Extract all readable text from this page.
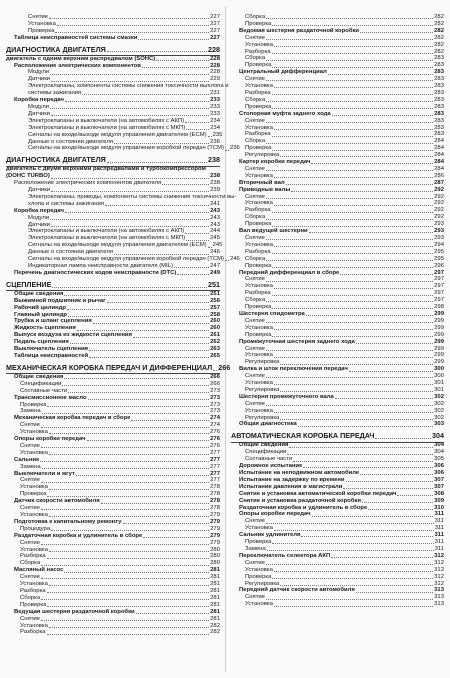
Снятие	227
Установка	227
Проверка	227
Таблица неисправностей системы смазки	227
ДИАГНОСТИКА ДВИГАТЕЛЯ	228
двигатель с одним верхним распредвалом (SOHC)	228
Расположение электрических компонентов	228
Модули	228
Датчики	229
Электроклапаны, компоненты системы снижения токсичности выхлопа и
системы зажигания	231
Коробка передач	233
Модули	233
Датчики	233
Электроклапаны и выключатели (на автомобилях с АКП)	234
Электроклапаны и выключатели (на автомобилях с МКП)	234
Сигналы на входе/выходе модуля управления двигателем (ECM) 235
Данные о состоянии двигателя	236
Сигналы на входе/выходе модуля управления коробкой передач (TCM) 236
ДИАГНОСТИКА ДВИГАТЕЛЯ	238
двигатель с двумя верхними распредвалами и турбокомпрессором
(DOHC TURBO)	238
Расположение электрических компонентов двигателя	238
Датчики	239
Электроклапаны, приводы, компоненты системы снижения токсичности вы-
хлопа и системы зажигания	241
Коробка передач	243
Модули	243
Датчики	243
Электроклапаны и выключатели (на автомобилях с АКП)	244
Электроклапаны и выключатели (на автомобилях с МКП)	245
Сигналы на входе/выходе модуля управления двигателем (ECM) 245
Данные о состоянии двигателя	246
Сигналы на входе/выходе модуля управления коробкой передач (TCM) 246
Индикаторная лампа неисправности двигателя (MIL)	247
Перечень диагностических кодов неисправности (DTC)	249
СЦЕПЛЕНИЕ	251
Общие сведения	251
Выжимной подшипник и рычаг	256
Рабочий цилиндр	257
Главный цилиндр	258
Трубка и шланг сцепления	260
Жидкость сцепления	260
Выпуск воздуха из жидкости сцепления	261
Педаль сцепления	262
Выключатель сцепления	263
Таблица неисправностей	265
МЕХАНИЧЕСКАЯ КОРОБКА ПЕРЕДАЧ И ДИФФЕРЕНЦИАЛ 266
Общие сведения	266
Спецификации	266
Составные части	273
Трансмиссионное масло	273
Проверка	273
Замена	273
Механическая коробка передач в сборе	274
Снятие	274
Установка	276
Опоры коробки передач	276
Снятие	276
Установка	277
Сальник	277
Замена	277
Выключатели и жгут	277
Снятие	277
Установка	278
Проверка	278
Датчик скорости автомобиля	278
Снятие	278
Установка	279
Подготовка к капитальному ремонту	279
Процедура	279
Раздаточная коробка и удлинитель в сборе	279
Снятие	279
Установка	280
Разборка	280
Сборка	280
Масляный насос	281
Снятие	281
Установка	281
Разборка	281
Сборка	281
Проверка	281
Ведущая шестерня раздаточной коробки	281
Снятие	281
Установка	282
Разборка	282
Сборка	282
Проверка	282
Ведомая шестерня раздаточной коробки	282
Снятие	282
Установка	282
Разборка	282
Сборка	283
Проверка	283
Центральный дифференциал	283
Снятие	283
Установка	283
Разборка	283
Сборка	283
Проверка	283
Стопорная муфта заднего хода	283
Снятие	283
Установка	283
Разборка	283
Сборка	284
Проверка	284
Регулировка	284
Картер коробки передач	284
Снятие	284
Установка	286
Вторичный вал	287
Приводные валы	292
Снятие	292
Установка	292
Разборка	292
Сборка	292
Проверка	293
Вал ведущей шестерни	293
Снятие	293
Установка	294
Разборка	295
Сборка	295
Проверка	296
Передний дифференциал в сборе	297
Снятие	297
Установка	297
Разборка	297
Сборка	297
Проверка	298
Шестерня спидометра	299
Снятие	299
Установка	299
Проверка	299
Промежуточная шестерня заднего хода	299
Снятие	299
Установка	299
Регулировка	299
Вилка и шток переключения передач	300
Снятие	300
Установка	301
Регулировка	301
Шестерня промежуточного вала	302
Снятие	302
Установка	302
Регулировка	302
Общая диагностика	303
АВТОМАТИЧЕСКАЯ КОРОБКА ПЕРЕДАЧ	304
Общие сведения	304
Спецификации	304
Составные части	305
Дорожное испытание	306
Испытание на неподвижном автомобиле	306
Испытание на задержку по времени	307
Испытание давления в магистрали	307
Снятие и установка автоматической коробки передач	308
Снятие и установка раздаточной коробки	309
Раздаточная коробка и удлинитель в сборе	310
Опоры коробки передач	311
Снятие	311
Установка	311
Сальник удлинителя	311
Проверка	311
Замена	311
Переключатель селектора АКП	312
Снятие	312
Установка	312
Проверка	312
Регулировка	312
Передний датчик скорости автомобиля	313
Снятие	313
Установка	313
